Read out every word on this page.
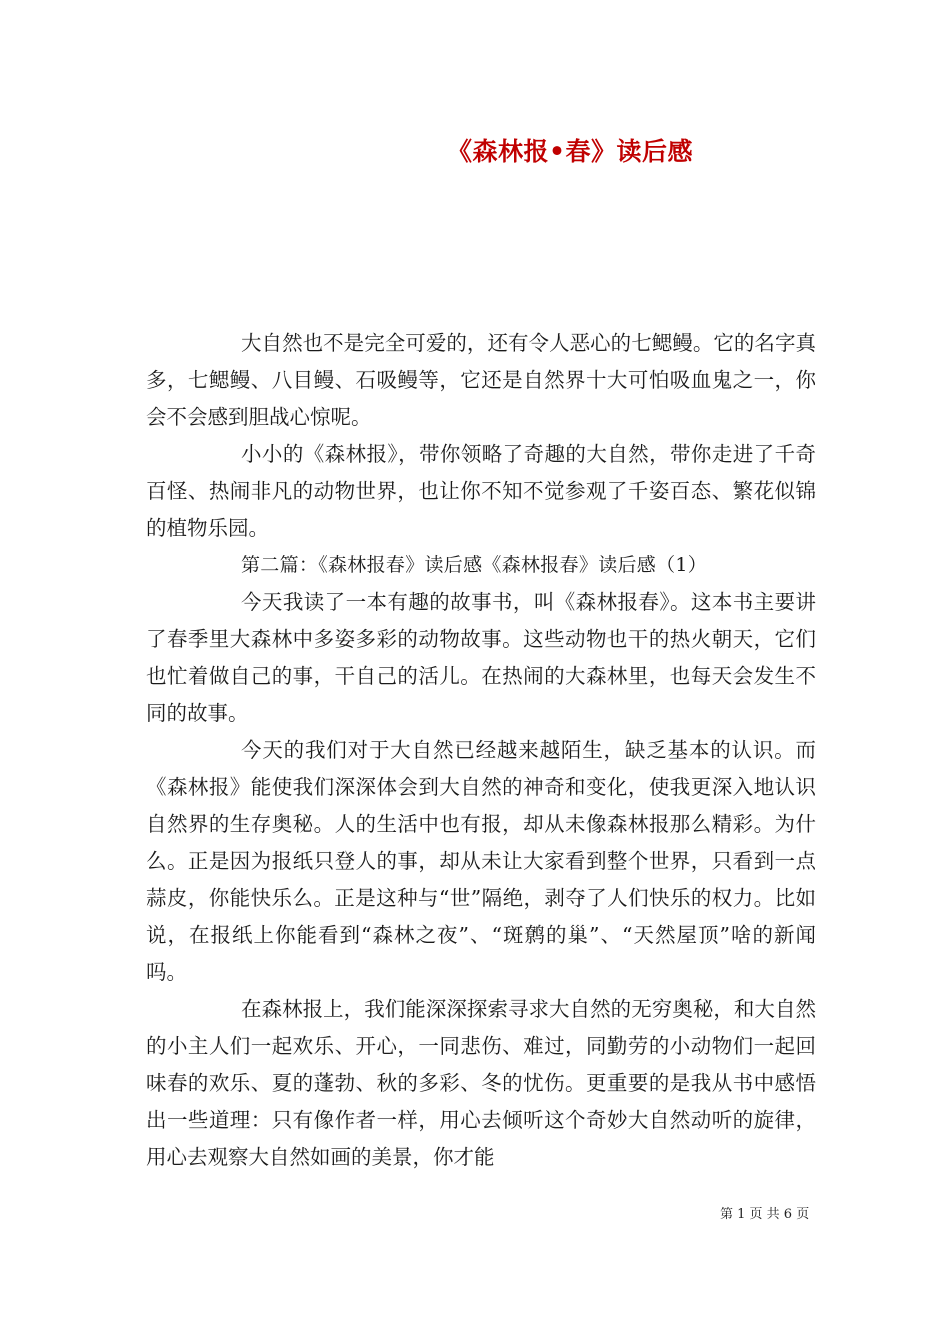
《森林报•春》读后感

大自然也不是完全可爱的，还有令人恶心的七鳃鳗。它的名字真多，七鳃鳗、八目鳗、石吸鳗等，它还是自然界十大可怕吸血鬼之一，你会不会感到胆战心惊呢。

小小的《森林报》，带你领略了奇趣的大自然，带你走进了千奇百怪、热闹非凡的动物世界，也让你不知不觉参观了千姿百态、繁花似锦的植物乐园。

第二篇：《森林报春》读后感《森林报春》读后感（1）

今天我读了一本有趣的故事书，叫《森林报春》。这本书主要讲了春季里大森林中多姿多彩的动物故事。这些动物也干的热火朝天，它们也忙着做自己的事，干自己的活儿。在热闹的大森林里，也每天会发生不同的故事。

今天的我们对于大自然已经越来越陌生，缺乏基本的认识。而《森林报》能使我们深深体会到大自然的神奇和变化，使我更深入地认识自然界的生存奥秘。人的生活中也有报，却从未像森林报那么精彩。为什么。正是因为报纸只登人的事，却从未让大家看到整个世界，只看到一点蒜皮，你能快乐么。正是这种与“世”隔绝，剥夺了人们快乐的权力。比如说，在报纸上你能看到“森林之夜”、“斑鹩的巢”、“天然屋顶”啥的新闻吗。

在森林报上，我们能深深探索寻求大自然的无穷奥秘，和大自然的小主人们一起欢乐、开心，一同悲伤、难过，同勤劳的小动物们一起回味春的欢乐、夏的蓬勃、秋的多彩、冬的忧伤。更重要的是我从书中感悟出一些道理：只有像作者一样，用心去倾听这个奇妙大自然动听的旋律，用心去观察大自然如画的美景，你才能

第 1 页 共 6 页
